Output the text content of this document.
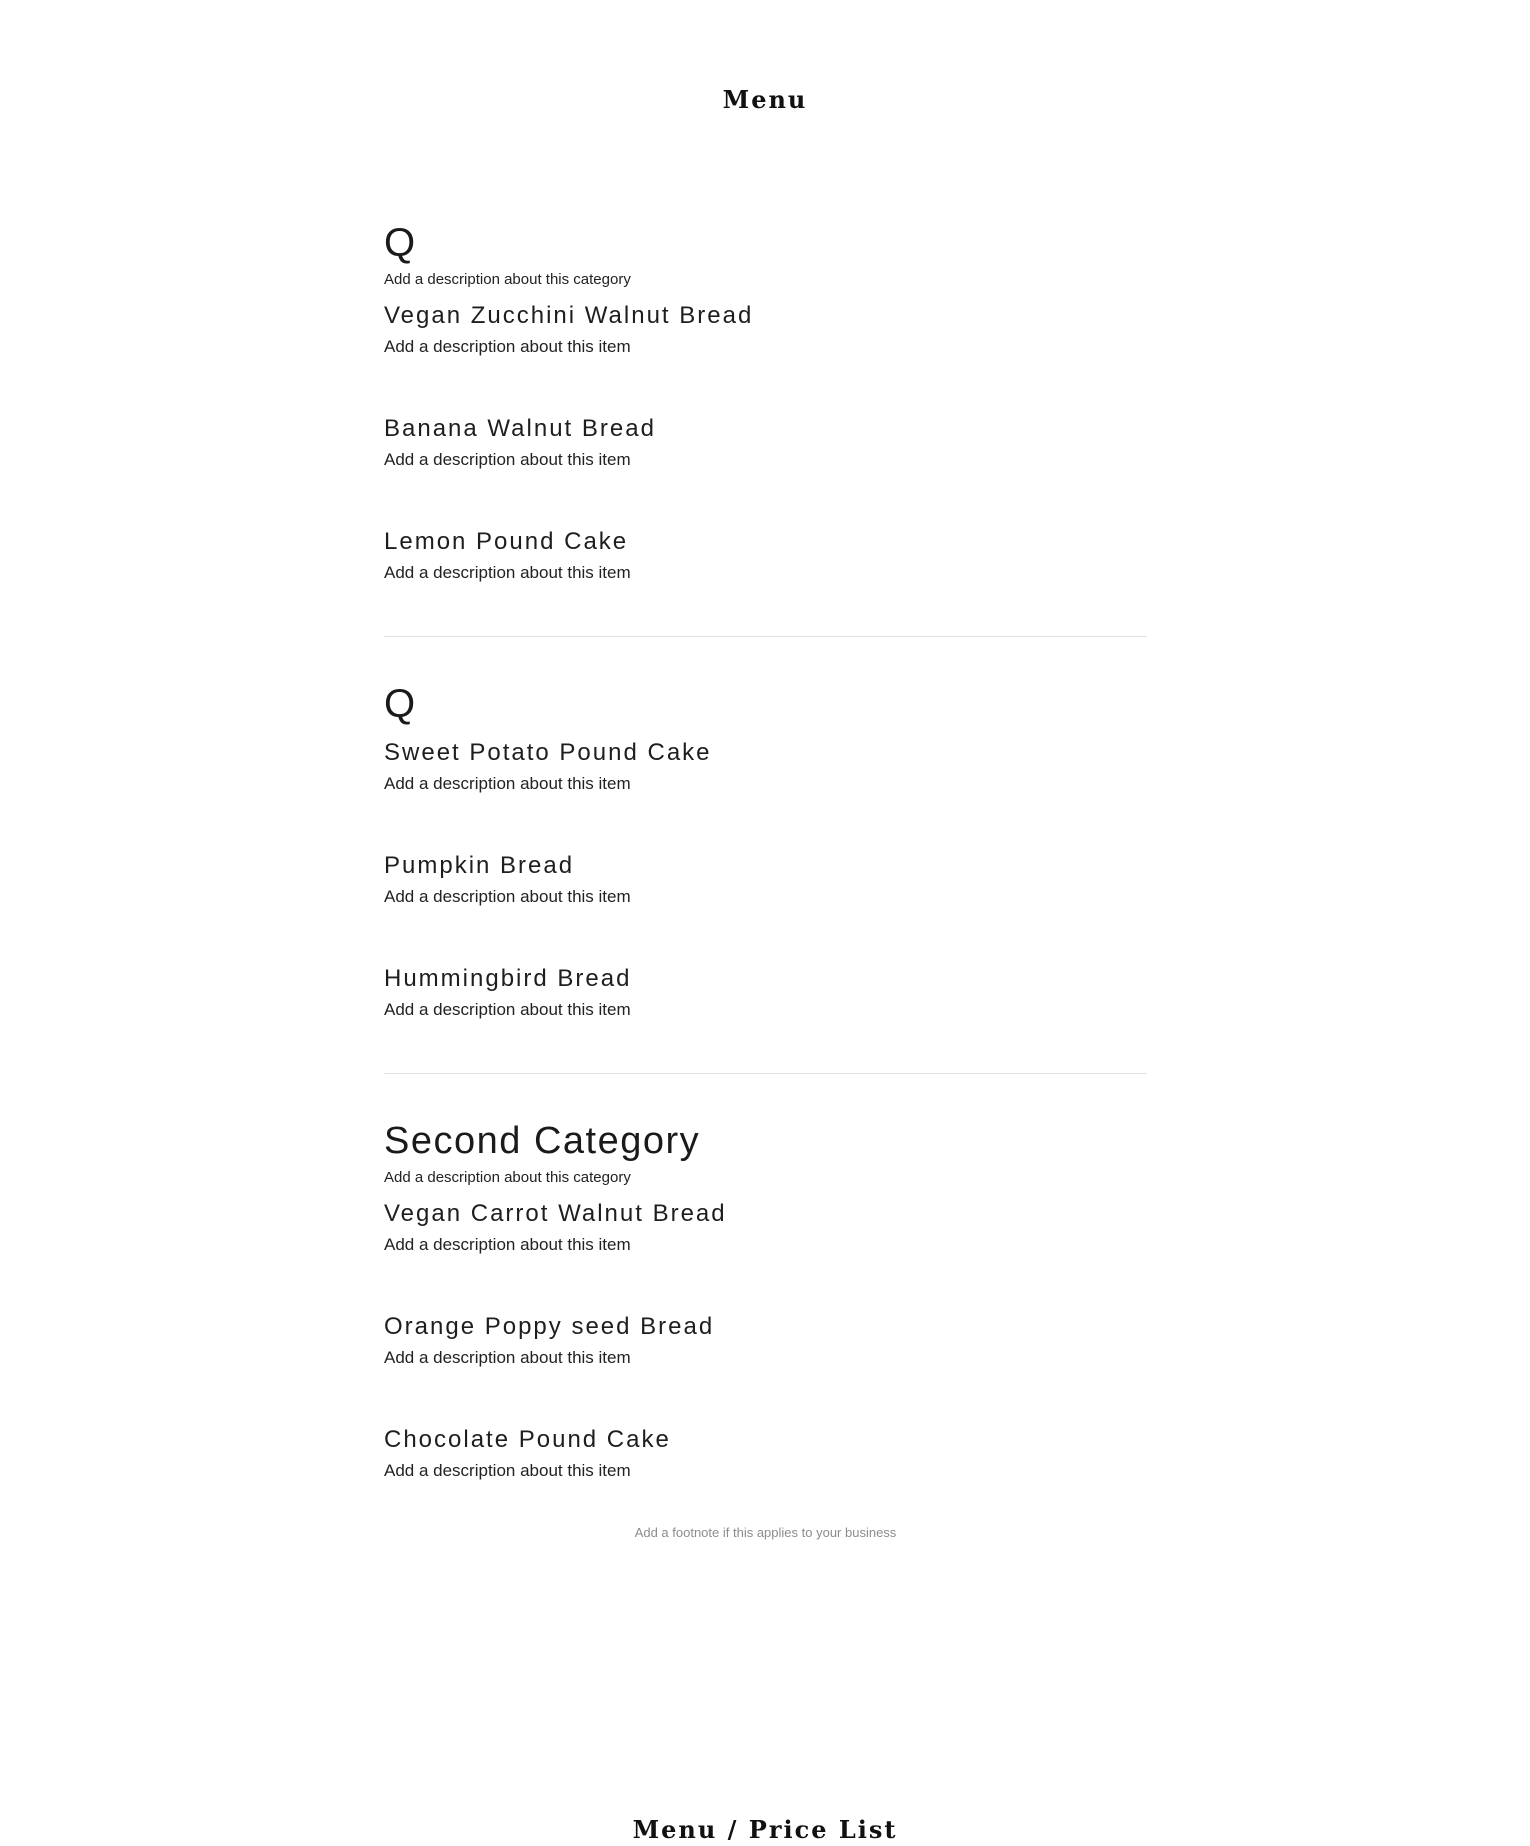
Menu
Q
Add a description about this category
Vegan Zucchini Walnut Bread
Add a description about this item
Banana Walnut Bread
Add a description about this item
Lemon Pound Cake
Add a description about this item
Q
Sweet Potato Pound Cake
Add a description about this item
Pumpkin Bread
Add a description about this item
Hummingbird Bread
Add a description about this item
Second Category
Add a description about this category
Vegan Carrot Walnut Bread
Add a description about this item
Orange Poppy seed Bread
Add a description about this item
Chocolate Pound Cake
Add a description about this item
Add a footnote if this applies to your business
Menu / Price List
